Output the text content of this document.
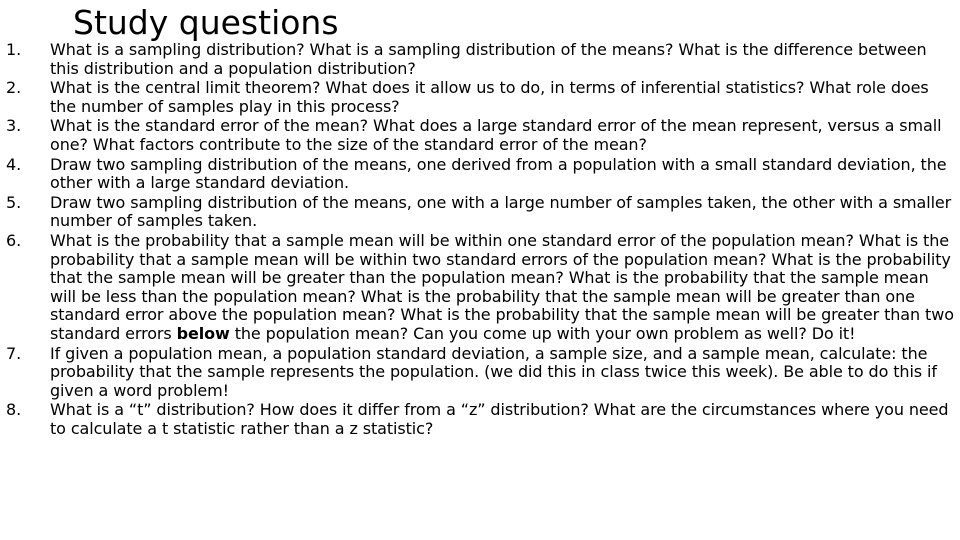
Study questions
1.	What is a sampling distribution? What is a sampling distribution of the means? What is the difference between this distribution and a population distribution?
2.	What is the central limit theorem? What does it allow us to do, in terms of inferential statistics? What role does the number of samples play in this process?
3.	What is the standard error of the mean? What does a large standard error of the mean represent, versus a small one? What factors contribute to the size of the standard error of the mean?
4.	Draw two sampling distribution of the means, one derived from a population with a small standard deviation, the other with a large standard deviation.
5.	Draw two sampling distribution of the means, one with a large number of samples taken, the other with a smaller number of samples taken.
6.	What is the probability that a sample mean will be within one standard error of the population mean? What is the probability that a sample mean will be within two standard errors of the population mean? What is the probability that the sample mean will be greater than the population mean? What is the probability that the sample mean will be less than the population mean? What is the probability that the sample mean will be greater than one standard error above the population mean? What is the probability that the sample mean will be greater than two standard errors below the population mean? Can you come up with your own problem as well? Do it!
7.	If given a population mean, a population standard deviation, a sample size, and a sample mean, calculate: the probability that the sample represents the population. (we did this in class twice this week). Be able to do this if given a word problem!
8.	What is a “t” distribution? How does it differ from a “z” distribution? What are the circumstances where you need to calculate a t statistic rather than a z statistic?
